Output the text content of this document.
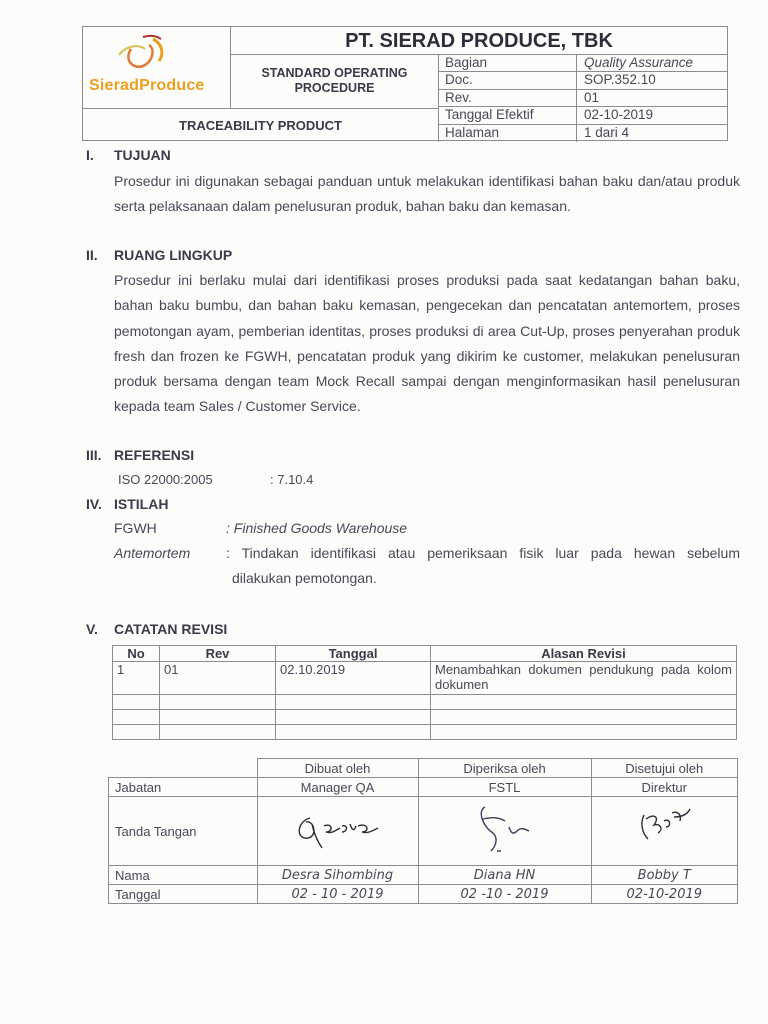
SieradProduce
PT. SIERAD PRODUCE, TBK
STANDARD OPERATING
PROCEDURE
TRACEABILITY PRODUCT
Bagian	Quality Assurance
Doc.	SOP.352.10
Rev.	01
Tanggal Efektif	02-10-2019
Halaman	1 dari 4
I. TUJUAN
Prosedur ini digunakan sebagai panduan untuk melakukan identifikasi bahan baku dan/atau produk serta pelaksanaan dalam penelusuran produk, bahan baku dan kemasan.
II. RUANG LINGKUP
Prosedur ini berlaku mulai dari identifikasi proses produksi pada saat kedatangan bahan baku, bahan baku bumbu, dan bahan baku kemasan, pengecekan dan pencatatan antemortem, proses pemotongan ayam, pemberian identitas, proses produksi di area Cut-Up, proses penyerahan produk fresh dan frozen ke FGWH, pencatatan produk yang dikirim ke customer, melakukan penelusuran produk bersama dengan team Mock Recall sampai dengan menginformasikan hasil penelusuran kepada team Sales / Customer Service.
III. REFERENSI
ISO 22000:2005	: 7.10.4
IV. ISTILAH
FGWH	: Finished Goods Warehouse
Antemortem	: Tindakan identifikasi atau pemeriksaan fisik luar pada hewan sebelum
dilakukan pemotongan.
V. CATATAN REVISI
No	Rev	Tanggal	Alasan Revisi
1	01	02.10.2019	Menambahkan dokumen pendukung pada kolom dokumen

	Dibuat oleh	Diperiksa oleh	Disetujui oleh
Jabatan	Manager QA	FSTL	Direktur
Tanda Tangan			
Nama	Desra Sihombing	Diana HN	Bobby T
Tanggal	02 - 10 - 2019	02 -10 - 2019	02-10-2019
